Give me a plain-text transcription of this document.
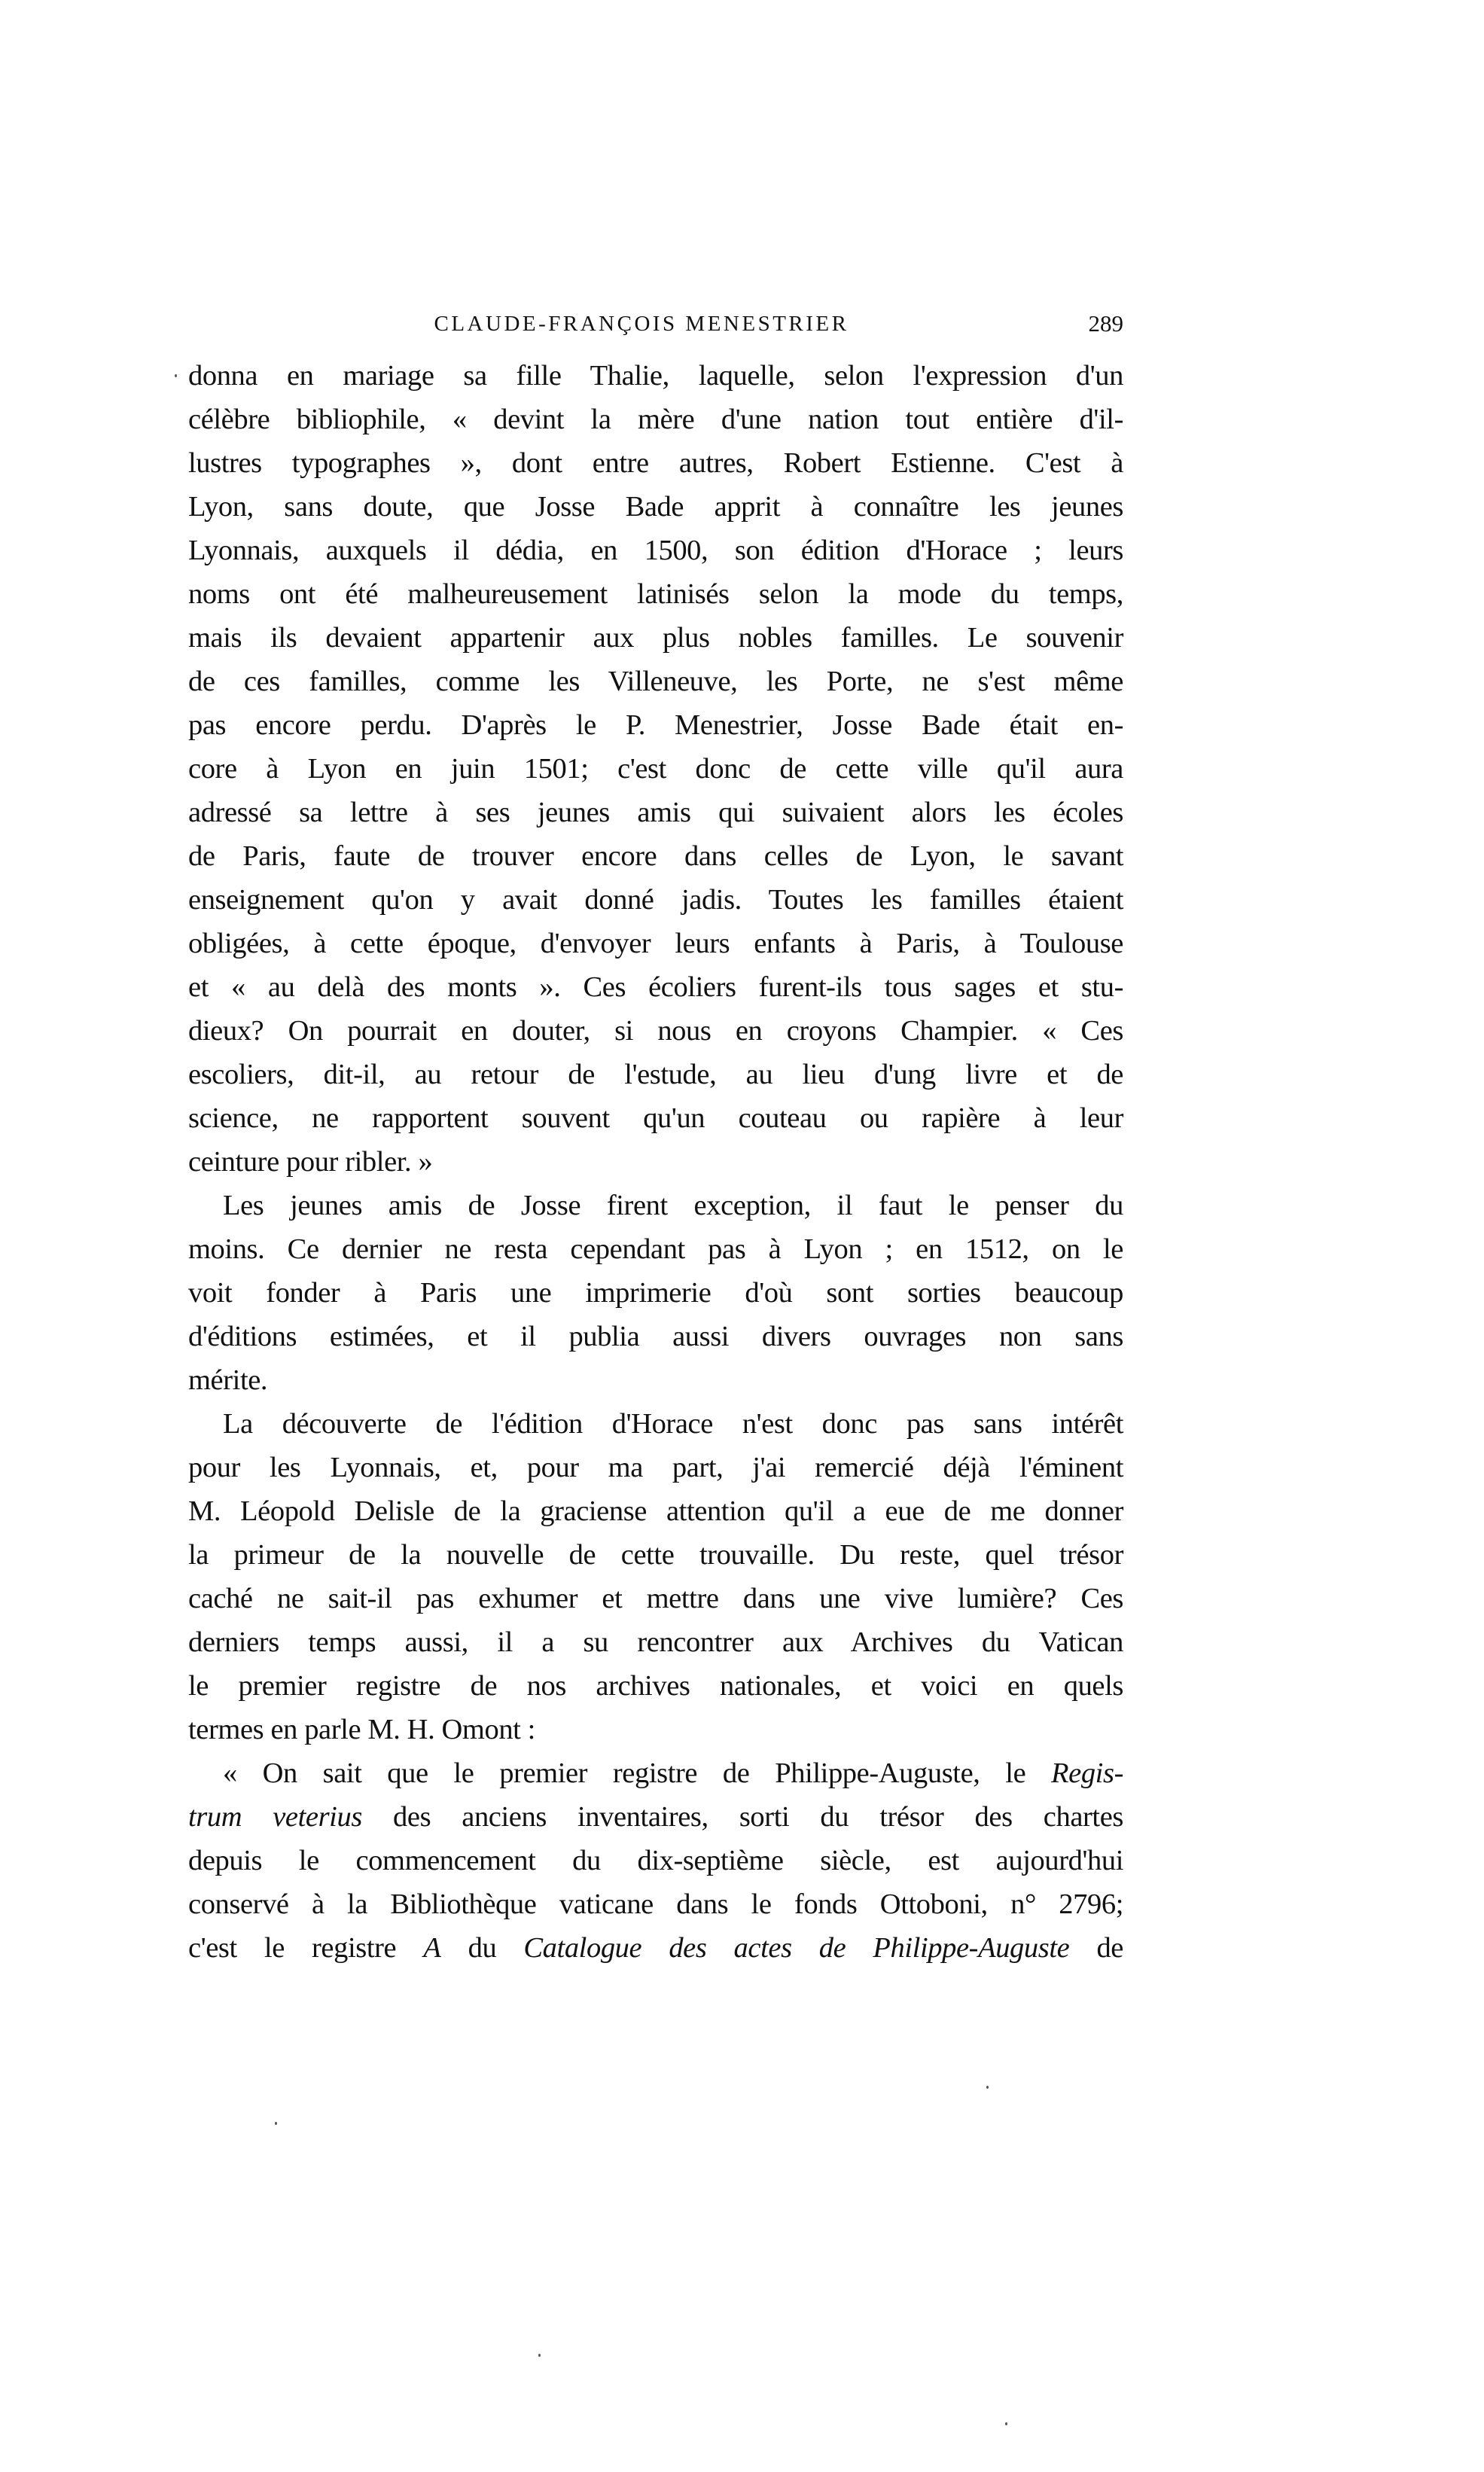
CLAUDE-FRANÇOIS MENESTRIER	289
donna en mariage sa fille Thalie, laquelle, selon l'expression d'un
célèbre bibliophile, « devint la mère d'une nation tout entière d'il-
lustres typographes », dont entre autres, Robert Estienne. C'est à
Lyon, sans doute, que Josse Bade apprit à connaître les jeunes
Lyonnais, auxquels il dédia, en 1500, son édition d'Horace ; leurs
noms ont été malheureusement latinisés selon la mode du temps,
mais ils devaient appartenir aux plus nobles familles. Le souvenir
de ces familles, comme les Villeneuve, les Porte, ne s'est même
pas encore perdu. D'après le P. Menestrier, Josse Bade était en-
core à Lyon en juin 1501; c'est donc de cette ville qu'il aura
adressé sa lettre à ses jeunes amis qui suivaient alors les écoles
de Paris, faute de trouver encore dans celles de Lyon, le savant
enseignement qu'on y avait donné jadis. Toutes les familles étaient
obligées, à cette époque, d'envoyer leurs enfants à Paris, à Toulouse
et « au delà des monts ». Ces écoliers furent-ils tous sages et stu-
dieux? On pourrait en douter, si nous en croyons Champier. « Ces
escoliers, dit-il, au retour de l'estude, au lieu d'ung livre et de
science, ne rapportent souvent qu'un couteau ou rapière à leur
ceinture pour ribler. »
Les jeunes amis de Josse firent exception, il faut le penser du
moins. Ce dernier ne resta cependant pas à Lyon ; en 1512, on le
voit fonder à Paris une imprimerie d'où sont sorties beaucoup
d'éditions estimées, et il publia aussi divers ouvrages non sans
mérite.
La découverte de l'édition d'Horace n'est donc pas sans intérêt
pour les Lyonnais, et, pour ma part, j'ai remercié déjà l'éminent
M. Léopold Delisle de la graciense attention qu'il a eue de me donner
la primeur de la nouvelle de cette trouvaille. Du reste, quel trésor
caché ne sait-il pas exhumer et mettre dans une vive lumière? Ces
derniers temps aussi, il a su rencontrer aux Archives du Vatican
le premier registre de nos archives nationales, et voici en quels
termes en parle M. H. Omont :
« On sait que le premier registre de Philippe-Auguste, le Regis-
trum veterius des anciens inventaires, sorti du trésor des chartes
depuis le commencement du dix-septième siècle, est aujourd'hui
conservé à la Bibliothèque vaticane dans le fonds Ottoboni, n° 2796;
c'est le registre A du Catalogue des actes de Philippe-Auguste de
